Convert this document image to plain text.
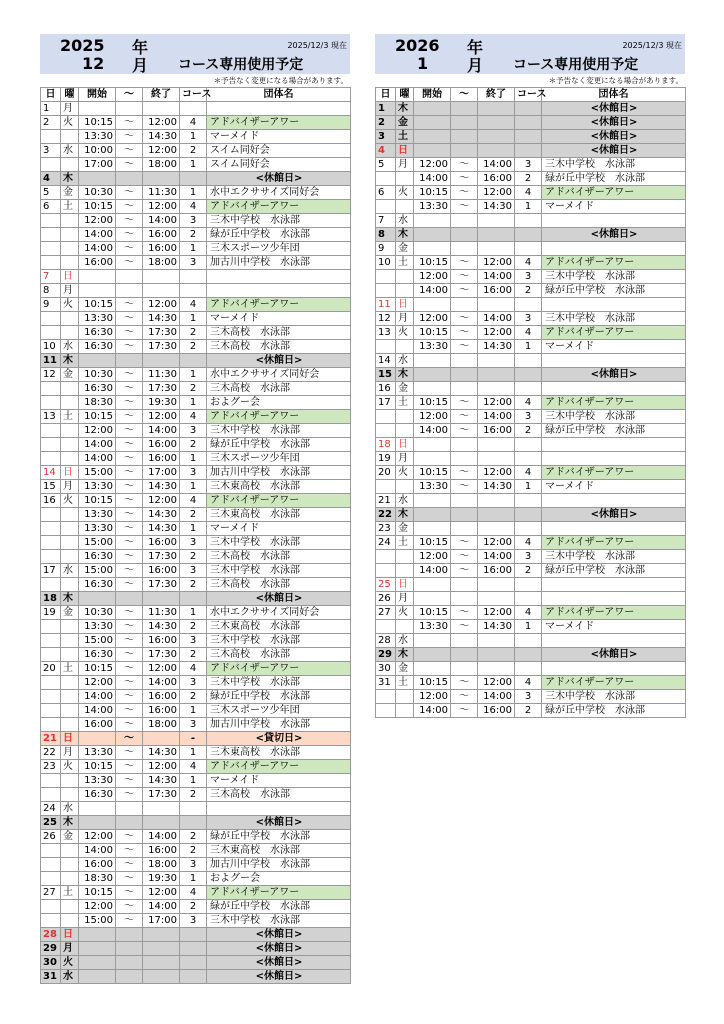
2025 年
12 月 コース専用使用予定
2025/12/3 現在
＊予告なく変更になる場合があります。
日	曜	開始	～	終了	コース	団体名
1	月					
2	火	10:15	～	12:00	4	アドバイザーアワー
		13:30	～	14:30	1	マーメイド
3	水	10:00	～	12:00	2	スイム同好会
		17:00	～	18:00	1	スイム同好会
4	木					<休館日>
5	金	10:30	～	11:30	1	水中エクササイズ同好会
6	土	10:15	～	12:00	4	アドバイザーアワー
		12:00	～	14:00	3	三木中学校　水泳部
		14:00	～	16:00	2	緑が丘中学校　水泳部
		14:00	～	16:00	1	三木スポーツ少年団
		16:00	～	18:00	3	加古川中学校　水泳部
7	日					
8	月					
9	火	10:15	～	12:00	4	アドバイザーアワー
		13:30	～	14:30	1	マーメイド
		16:30	～	17:30	2	三木高校　水泳部
10	水	16:30	～	17:30	2	三木高校　水泳部
11	木					<休館日>
12	金	10:30	～	11:30	1	水中エクササイズ同好会
		16:30	～	17:30	2	三木高校　水泳部
		18:30	～	19:30	1	およグー会
13	土	10:15	～	12:00	4	アドバイザーアワー
		12:00	～	14:00	3	三木中学校　水泳部
		14:00	～	16:00	2	緑が丘中学校　水泳部
		14:00	～	16:00	1	三木スポーツ少年団
14	日	15:00	～	17:00	3	加古川中学校　水泳部
15	月	13:30	～	14:30	1	三木東高校　水泳部
16	火	10:15	～	12:00	4	アドバイザーアワー
		13:30	～	14:30	2	三木東高校　水泳部
		13:30	～	14:30	1	マーメイド
		15:00	～	16:00	3	三木中学校　水泳部
		16:30	～	17:30	2	三木高校　水泳部
17	水	15:00	～	16:00	3	三木中学校　水泳部
		16:30	～	17:30	2	三木高校　水泳部
18	木					<休館日>
19	金	10:30	～	11:30	1	水中エクササイズ同好会
		13:30	～	14:30	2	三木東高校　水泳部
		15:00	～	16:00	3	三木中学校　水泳部
		16:30	～	17:30	2	三木高校　水泳部
20	土	10:15	～	12:00	4	アドバイザーアワー
		12:00	～	14:00	3	三木中学校　水泳部
		14:00	～	16:00	2	緑が丘中学校　水泳部
		14:00	～	16:00	1	三木スポーツ少年団
		16:00	～	18:00	3	加古川中学校　水泳部
21	日		～		-	<貸切日>
22	月	13:30	～	14:30	1	三木東高校　水泳部
23	火	10:15	～	12:00	4	アドバイザーアワー
		13:30	～	14:30	1	マーメイド
		16:30	～	17:30	2	三木高校　水泳部
24	水					
25	木					<休館日>
26	金	12:00	～	14:00	2	緑が丘中学校　水泳部
		14:00	～	16:00	2	三木東高校　水泳部
		16:00	～	18:00	3	加古川中学校　水泳部
		18:30	～	19:30	1	およグー会
27	土	10:15	～	12:00	4	アドバイザーアワー
		12:00	～	14:00	2	緑が丘中学校　水泳部
		15:00	～	17:00	3	三木中学校　水泳部
28	日					<休館日>
29	月					<休館日>
30	火					<休館日>
31	水					<休館日>
2026 年
1 月 コース専用使用予定
2025/12/3 現在
＊予告なく変更になる場合があります。
日	曜	開始	～	終了	コース	団体名
1	木					<休館日>
2	金					<休館日>
3	土					<休館日>
4	日					<休館日>
5	月	12:00	～	14:00	3	三木中学校　水泳部
		14:00	～	16:00	2	緑が丘中学校　水泳部
6	火	10:15	～	12:00	4	アドバイザーアワー
		13:30	～	14:30	1	マーメイド
7	水					
8	木					<休館日>
9	金					
10	土	10:15	～	12:00	4	アドバイザーアワー
		12:00	～	14:00	3	三木中学校　水泳部
		14:00	～	16:00	2	緑が丘中学校　水泳部
11	日					
12	月	12:00	～	14:00	3	三木中学校　水泳部
13	火	10:15	～	12:00	4	アドバイザーアワー
		13:30	～	14:30	1	マーメイド
14	水					
15	木					<休館日>
16	金					
17	土	10:15	～	12:00	4	アドバイザーアワー
		12:00	～	14:00	3	三木中学校　水泳部
		14:00	～	16:00	2	緑が丘中学校　水泳部
18	日					
19	月					
20	火	10:15	～	12:00	4	アドバイザーアワー
		13:30	～	14:30	1	マーメイド
21	水					
22	木					<休館日>
23	金					
24	土	10:15	～	12:00	4	アドバイザーアワー
		12:00	～	14:00	3	三木中学校　水泳部
		14:00	～	16:00	2	緑が丘中学校　水泳部
25	日					
26	月					
27	火	10:15	～	12:00	4	アドバイザーアワー
		13:30	～	14:30	1	マーメイド
28	水					
29	木					<休館日>
30	金					
31	土	10:15	～	12:00	4	アドバイザーアワー
		12:00	～	14:00	3	三木中学校　水泳部
		14:00	～	16:00	2	緑が丘中学校　水泳部
